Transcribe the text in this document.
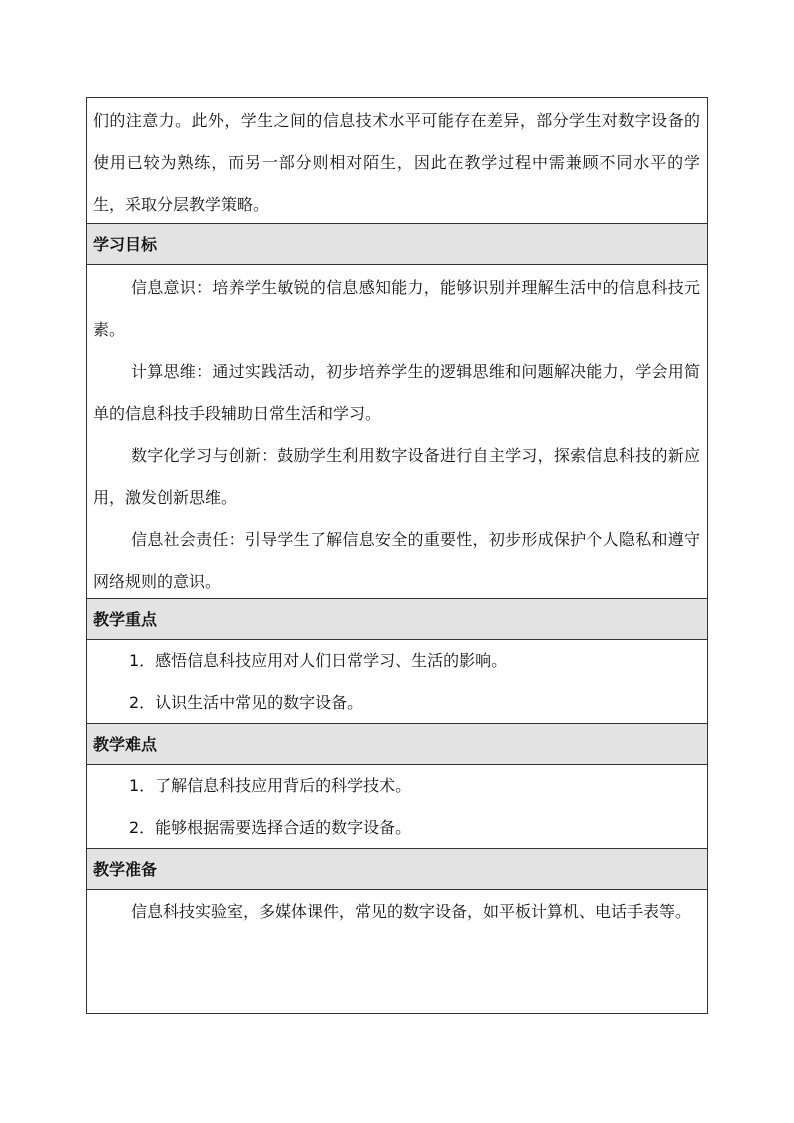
们的注意力。此外，学生之间的信息技术水平可能存在差异，部分学生对数字设备的使用已较为熟练，而另一部分则相对陌生，因此在教学过程中需兼顾不同水平的学生，采取分层教学策略。

学习目标

信息意识：培养学生敏锐的信息感知能力，能够识别并理解生活中的信息科技元素。

计算思维：通过实践活动，初步培养学生的逻辑思维和问题解决能力，学会用简单的信息科技手段辅助日常生活和学习。

数字化学习与创新：鼓励学生利用数字设备进行自主学习，探索信息科技的新应用，激发创新思维。

信息社会责任：引导学生了解信息安全的重要性，初步形成保护个人隐私和遵守网络规则的意识。

教学重点

1．感悟信息科技应用对人们日常学习、生活的影响。

2．认识生活中常见的数字设备。

教学难点

1．了解信息科技应用背后的科学技术。

2．能够根据需要选择合适的数字设备。

教学准备

信息科技实验室，多媒体课件，常见的数字设备，如平板计算机、电话手表等。
